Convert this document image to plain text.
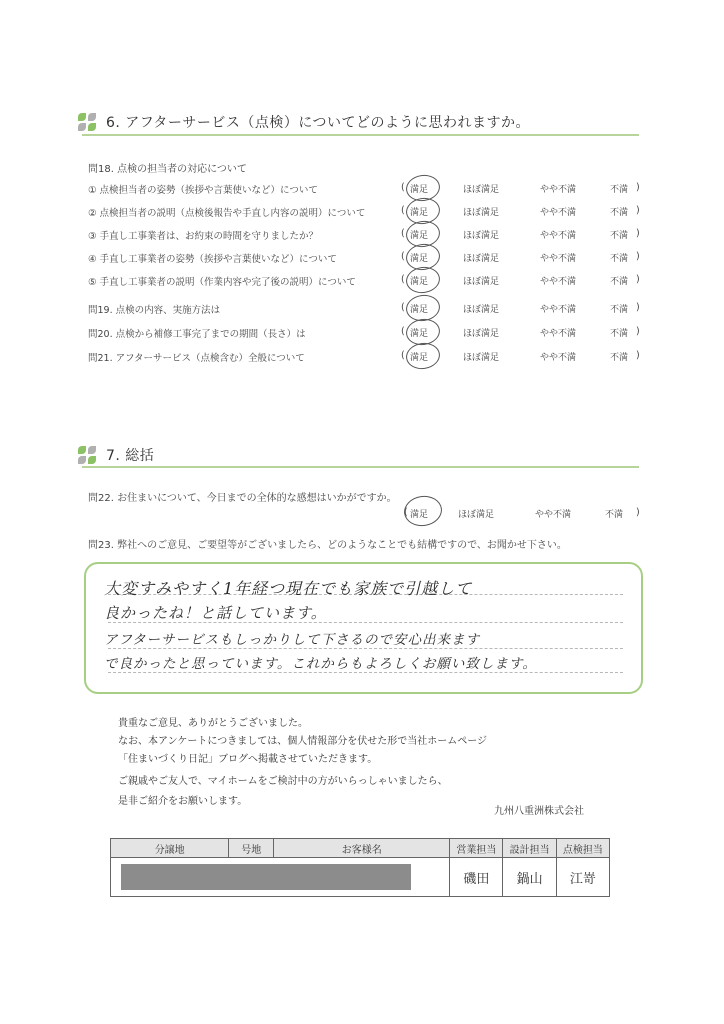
6. アフターサービス（点検）についてどのように思われますか。
問18. 点検の担当者の対応について
① 点検担当者の姿勢（挨拶や言葉使いなど）について	( 満足	ほぼ満足	やや不満	不満 )
② 点検担当者の説明（点検後報告や手直し内容の説明）について	( 満足	ほぼ満足	やや不満	不満 )
③ 手直し工事業者は、お約束の時間を守りましたか？	( 満足	ほぼ満足	やや不満	不満 )
④ 手直し工事業者の姿勢（挨拶や言葉使いなど）について	( 満足	ほぼ満足	やや不満	不満 )
⑤ 手直し工事業者の説明（作業内容や完了後の説明）について	( 満足	ほぼ満足	やや不満	不満 )
問19. 点検の内容、実施方法は	( 満足	ほぼ満足	やや不満	不満 )
問20. 点検から補修工事完了までの期間（長さ）は	( 満足	ほぼ満足	やや不満	不満 )
問21. アフターサービス（点検含む）全般について	( 満足	ほぼ満足	やや不満	不満 )
7. 総括
問22. お住まいについて、今日までの全体的な感想はいかがですか。
( 満足	ほぼ満足	やや不満	不満 )
問23. 弊社へのご意見、ご要望等がございましたら、どのようなことでも結構ですので、お聞かせ下さい。
大変すみやすく1年経つ現在でも家族で引越して
良かったね！と話しています。
アフターサービスもしっかりして下さるので安心出来ます
で良かったと思っています。これからもよろしくお願い致します。
貴重なご意見、ありがとうございました。
なお、本アンケートにつきましては、個人情報部分を伏せた形で当社ホームページ
「住まいづくり日記」ブログへ掲載させていただきます。
ご親戚やご友人で、マイホームをご検討中の方がいらっしゃいましたら、
是非ご紹介をお願いします。
九州八重洲株式会社
分譲地	号地	お客様名	営業担当	設計担当	点検担当

			磯田	鍋山	江嵜
